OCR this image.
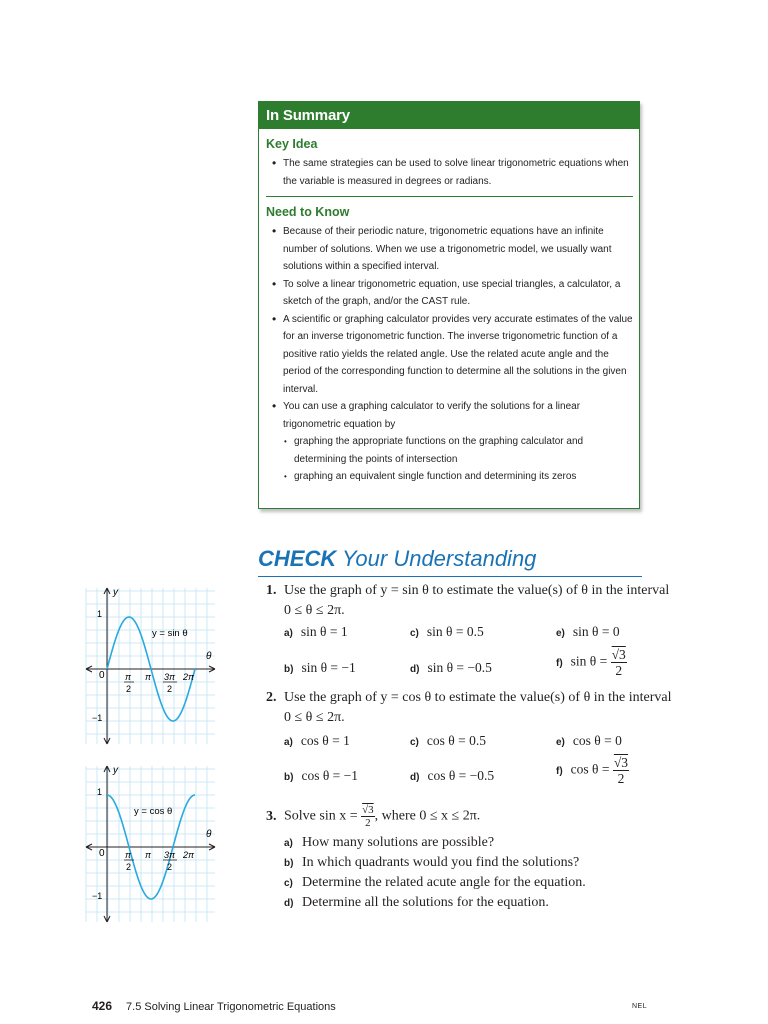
In Summary
Key Idea
• The same strategies can be used to solve linear trigonometric equations when the variable is measured in degrees or radians.
Need to Know
• Because of their periodic nature, trigonometric equations have an infinite number of solutions. When we use a trigonometric model, we usually want solutions within a specified interval.
• To solve a linear trigonometric equation, use special triangles, a calculator, a sketch of the graph, and/or the CAST rule.
• A scientific or graphing calculator provides very accurate estimates of the value for an inverse trigonometric function. The inverse trigonometric function of a positive ratio yields the related angle. Use the related acute angle and the period of the corresponding function to determine all the solutions in the given interval.
• You can use a graphing calculator to verify the solutions for a linear trigonometric equation by
• graphing the appropriate functions on the graphing calculator and determining the points of intersection
• graphing an equivalent single function and determining its zeros
CHECK Your Understanding
1. Use the graph of y = sin θ to estimate the value(s) of θ in the interval
0 ≤ θ ≤ 2π.
a) sin θ = 1	c) sin θ = 0.5	e) sin θ = 0
b) sin θ = −1	d) sin θ = −0.5	f) $\sin \theta = \frac{√3}{2}$
2. Use the graph of y = cos θ to estimate the value(s) of θ in the interval
0 ≤ θ ≤ 2π.
a) cos θ = 1	c) cos θ = 0.5	e) cos θ = 0
b) cos θ = −1	d) cos θ = −0.5	f) $\cos \theta = \frac{√3}{2}$
3. Solve $\sin x = \frac{√3}{2}$ , where 0 ≤ x ≤ 2π.
a) How many solutions are possible?
b) In which quadrants would you find the solutions?
c) Determine the related acute angle for the equation.
d) Determine all the solutions for the equation.
y
θ
0
1
−1
π
2
π 3π
2
2π
y = sin θ
y
θ
0
1
−1
π
2
π 3π
2
2π
y = cos θ
426 7.5 Solving Linear Trigonometric Equations	NEL
